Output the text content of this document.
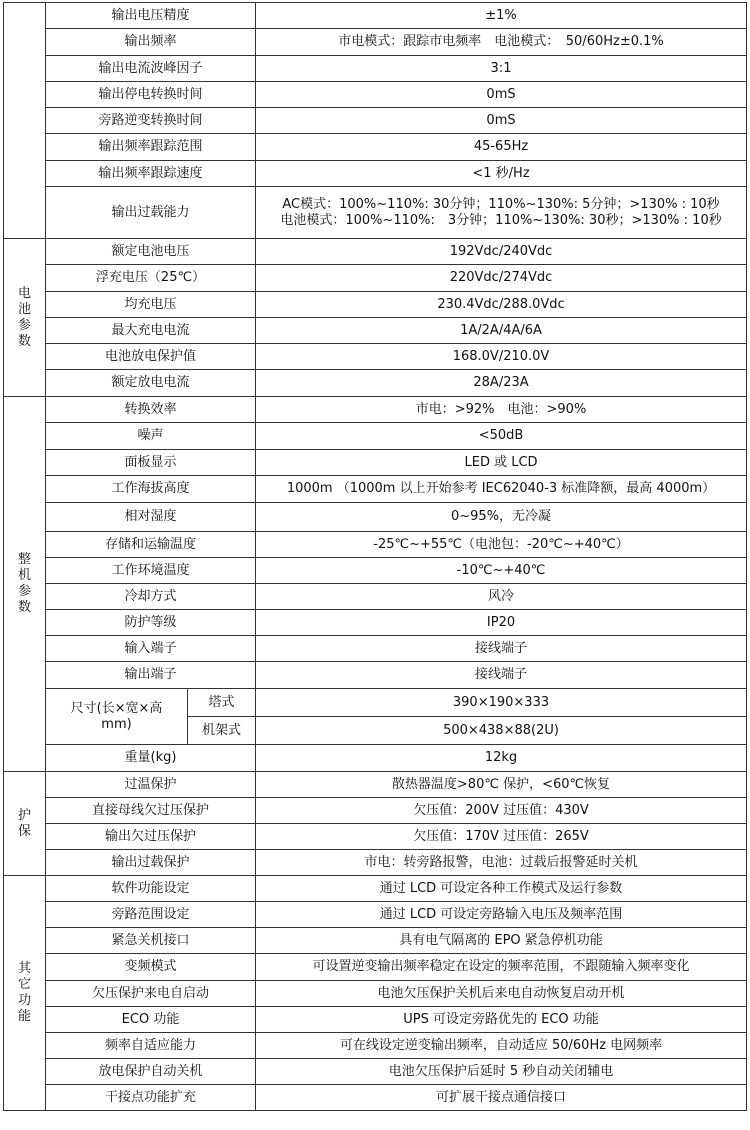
	输出电压精度		±1%
	输出频率		市电模式：跟踪市电频率　电池模式：　50/60Hz±0.1%
	输出电流波峰因子		3:1
	输出停电转换时间		0mS
	旁路逆变转换时间		0mS
	输出频率跟踪范围		45-65Hz
	输出频率跟踪速度		<1 秒/Hz
	输出过载能力		AC模式：100%~110%: 30分钟；110%~130%: 5分钟；>130% : 10秒
电池模式：100%~110%:　3分钟；110%~130%: 30秒；>130% : 10秒

电
池
参
数	额定电池电压		192Vdc/240Vdc
	浮充电压（25℃）		220Vdc/274Vdc
	均充电压		230.4Vdc/288.0Vdc
	最大充电电流		1A/2A/4A/6A
	电池放电保护值		168.0V/210.0V
	额定放电电流		28A/23A

整
机
参
数	转换效率		市电：>92%　电池：>90%
	噪声		<50dB
	面板显示		LED 或 LCD
	工作海拔高度		1000m （1000m 以上开始参考 IEC62040-3 标准降额，最高 4000m）
	相对湿度		0~95%，无冷凝
	存储和运输温度		-25℃~+55℃（电池包：-20℃~+40℃）
	工作环境温度		-10℃~+40℃
	冷却方式		风冷
	防护等级		IP20
	输入端子		接线端子
	输出端子		接线端子

	尺寸(长×宽×高
mm)	塔式	390×190×333
		机架式	500×438×88(2U)
	重量(kg)		12kg

护
保	过温保护		散热器温度>80℃ 保护，<60℃恢复
	直接母线欠过压保护		欠压值：200V 过压值：430V
	输出欠过压保护		欠压值：170V 过压值：265V
	输出过载保护		市电：转旁路报警，电池：过载后报警延时关机

其
它
功
能	软件功能设定		通过 LCD 可设定各种工作模式及运行参数
	旁路范围设定		通过 LCD 可设定旁路输入电压及频率范围
	紧急关机接口		具有电气隔离的 EPO 紧急停机功能
	变频模式		可设置逆变输出频率稳定在设定的频率范围，不跟随输入频率变化
	欠压保护来电自启动		电池欠压保护关机后来电自动恢复启动开机
	ECO 功能		UPS 可设定旁路优先的 ECO 功能
	频率自适应能力		可在线设定逆变输出频率，自动适应 50/60Hz 电网频率
	放电保护自动关机		电池欠压保护后延时 5 秒自动关闭辅电
	干接点功能扩充		可扩展干接点通信接口
